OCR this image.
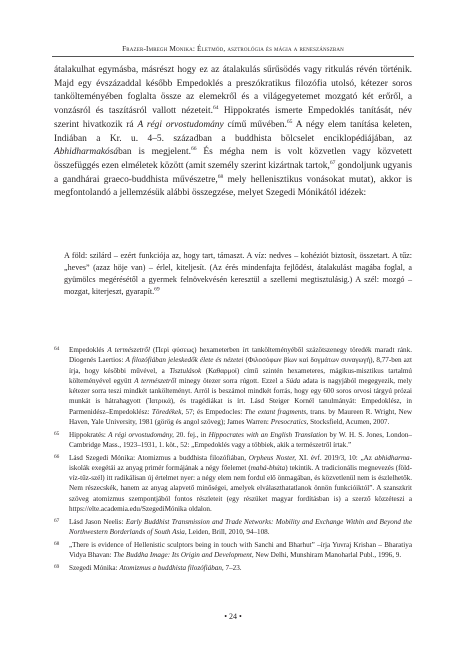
Frazer-Imregh Monika: Életmód, asztrológia és mágia a reneszánszban

átalakulhat egymásba, másrészt hogy ez az átalakulás sűrűsödés vagy ritkulás révén történik. Majd egy évszázaddal később Empedoklés a preszókratikus filozófia utolsó, kétezer soros tankölteményében foglalta össze az elemekről és a világegyetemet mozgató két erőről, a vonzásról és taszításról vallott nézeteit.$^{64}$ Hippokratés ismerte Empedoklés tanítását, név szerint hivatkozik rá A régi orvostudomány című művében.$^{65}$ A négy elem tanítása keleten, Indiában a Kr. u. 4–5. században a buddhista bölcselet enciklopédiájában, az Abhidharmakósában is megjelent.$^{66}$ És mégha nem is volt közvetlen vagy közvetett összefüggés ezen elméletek között (amit személy szerint kizártnak tartok,$^{67}$ gondoljunk ugyanis a gandhárai graeco-buddhista művészetre,$^{68}$ mely hellenisztikus vonásokat mutat), akkor is megfontolandó a jellemzésük alábbi összegzése, melyet Szegedi Mónikától idézek:

A föld: szilárd – ezért funkciója az, hogy tart, támaszt. A víz: nedves – kohéziót biztosít, összetart. A tűz: „heves” (azaz höje van) – érlel, kiteljesít. (Az érés mindenfajta fejlődést, átalakulást magába foglal, a gyümölcs megérésétől a gyermek felnövekvésén keresztül a szellemi megtisztulásig.) A szél: mozgó – mozgat, kiterjeszt, gyarapít.$^{69}$

64 Empedoklés A természetről (Περὶ φύσεως) hexameterben írt tankölteményéből százötszenegy töredék maradt ránk. Diogenés Laertios: A filozófiában jeleskedők élete és nézetei (Φιλοσόφων βίων καὶ δογμάτων συναγωγή), 8,77-ben azt írja, hogy későbbi művével, a Tisztulások (Καθαρμοί) című szintén hexameteres, mágikus-misztikus tartalmú költeményével együtt A természetről minegy ötezer sorra rúgott. Ezzel a Súda adata is nagyjából megegyezik, mely kétezer sorra teszi mindkét tankölteményt. Arról is beszámol mindkét forrás, hogy egy 600 soros orvosi tárgyú prózai munkát is hátrahagyott (Ἰατρικά), és tragédiákat is írt. Lásd Steiger Kornél tanulmányát: Empedoklész, in Parmenidész–Empedoklész: Töredékek, 57; és Empedocles: The extant fragments, trans. by Maureen R. Wright, New Haven, Yale University, 1981 (görög és angol szöveg); James Warren: Presocratics, Stocksfield, Acumen, 2007.

65 Hippokratés: A régi orvostudomány, 20. fej., in Hippocrates with an English Translation by W. H. S. Jones, London–Cambridge Mass., 1923–1931, 1. köt., 52: „Empedoklés vagy a többiek, akik a természetről írtak.”

66 Lásd Szegedi Mónika: Atomizmus a buddhista filozófiában, Orpheus Noster, XI. évf. 2019/3, 10: „Az abhidharma-iskolák exegétái az anyag primér formájának a négy főelemet (mahá-bhúta) tekintik. A tradicionális megnevezés (föld-víz-tűz-szél) itt radikálisan új értelmet nyer: a négy elem nem fordul elő önmagában, és közvetlenül nem is észlelhetők. Nem részecskék, hanem az anyag alapvető minőségei, amelyek elválaszthatatlanok önnön funkcióiktól”. A szanszkrit szöveg atomizmus szempontjából fontos részleteit (egy részüket magyar fordításban is) a szerző közzéteszi a https://elte.academia.edu/SzegediMónika oldalon.

67 Lásd Jason Neelis: Early Buddhist Transmission and Trade Networks: Mobility and Exchange Within and Beyond the Northwestern Borderlands of South Asia, Leiden, Brill, 2010, 94–108.

68 „There is evidence of Hellenistic sculptors being in touch with Sanchi and Bharhut” –írja Yuvraj Krishan – Bharatiya Vidya Bhavan: The Buddha Image: Its Origin and Development, New Delhi, Munshiram Manoharlal Publ., 1996, 9.

69 Szegedi Mónika: Atomizmus a buddhista filozófiában, 7–23.

• 24 •
